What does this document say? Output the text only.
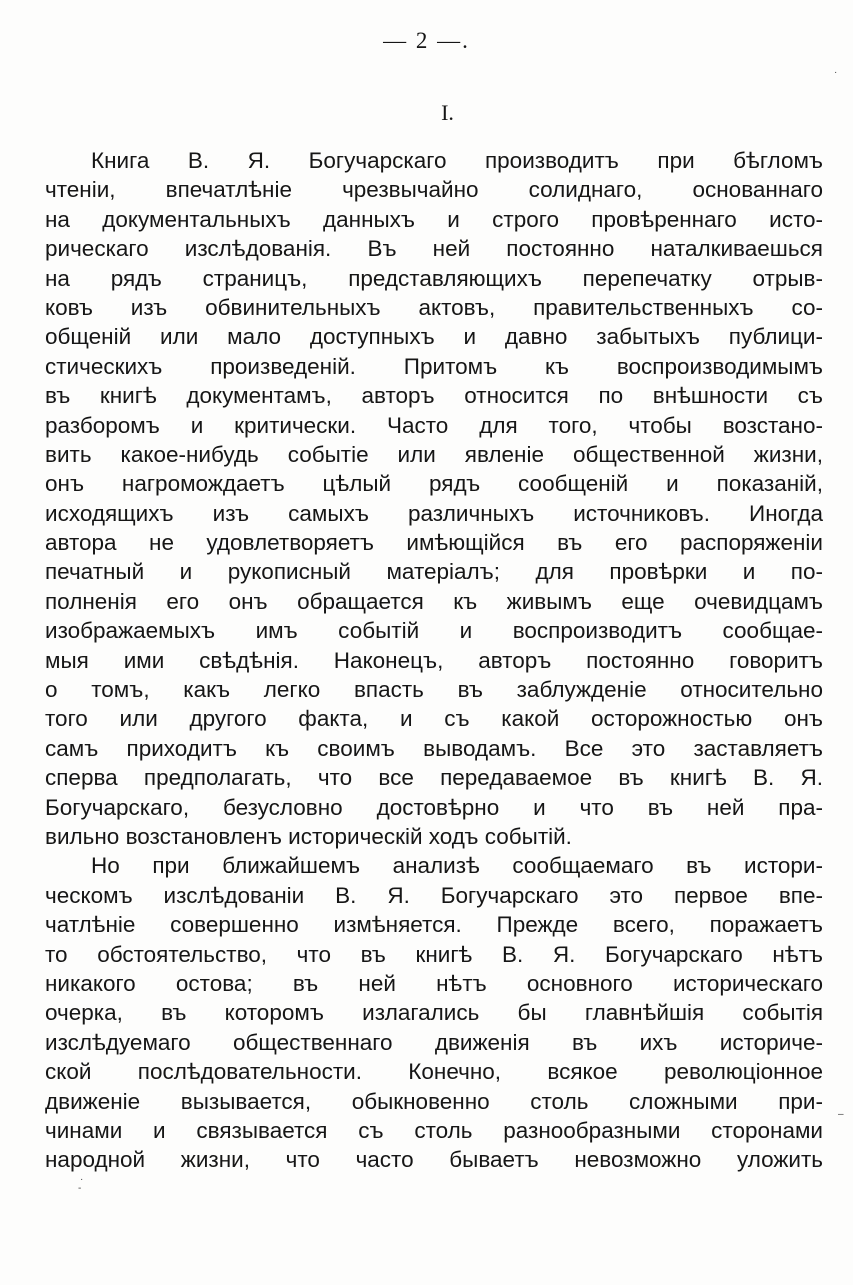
— 2 —.
I.
Книга В. Я. Богучарскаго производитъ при бѣгломъ
чтеніи, впечатлѣніе чрезвычайно солиднаго, основаннаго
на документальныхъ данныхъ и строго провѣреннаго исто-
рическаго изслѣдованія. Въ ней постоянно наталкиваешься
на рядъ страницъ, представляющихъ перепечатку отрыв-
ковъ изъ обвинительныхъ актовъ, правительственныхъ со-
общеній или мало доступныхъ и давно забытыхъ публици-
стическихъ произведеній. Притомъ къ воспроизводимымъ
въ книгѣ документамъ, авторъ относится по внѣшности съ
разборомъ и критически. Часто для того, чтобы возстано-
вить какое-нибудь событіе или явленіе общественной жизни,
онъ нагромождаетъ цѣлый рядъ сообщеній и показаній,
исходящихъ изъ самыхъ различныхъ источниковъ. Иногда
автора не удовлетворяетъ имѣющійся въ его распоряженіи
печатный и рукописный матеріалъ; для провѣрки и по-
полненія его онъ обращается къ живымъ еще очевидцамъ
изображаемыхъ имъ событій и воспроизводитъ сообщае-
мыя ими свѣдѣнія. Наконецъ, авторъ постоянно говоритъ
о томъ, какъ легко впасть въ заблужденіе относительно
того или другого факта, и съ какой осторожностью онъ
самъ приходитъ къ своимъ выводамъ. Все это заставляетъ
сперва предполагать, что все передаваемое въ книгѣ В. Я.
Богучарскаго, безусловно достовѣрно и что въ ней пра-
вильно возстановленъ историческій ходъ событій.
Но при ближайшемъ анализѣ сообщаемаго въ истори-
ческомъ изслѣдованіи В. Я. Богучарскаго это первое впе-
чатлѣніе совершенно измѣняется. Прежде всего, поражаетъ
то обстоятельство, что въ книгѣ В. Я. Богучарскаго нѣтъ
никакого остова; въ ней нѣтъ основного историческаго
очерка, въ которомъ излагались бы главнѣйшія событія
изслѣдуемаго общественнаго движенія въ ихъ историче-
ской послѣдовательности. Конечно, всякое революціонное
движеніе вызывается, обыкновенно столь сложными при-
чинами и связывается съ столь разнообразными сторонами
народной жизни, что часто бываетъ невозможно уложить
·
–
·
-
